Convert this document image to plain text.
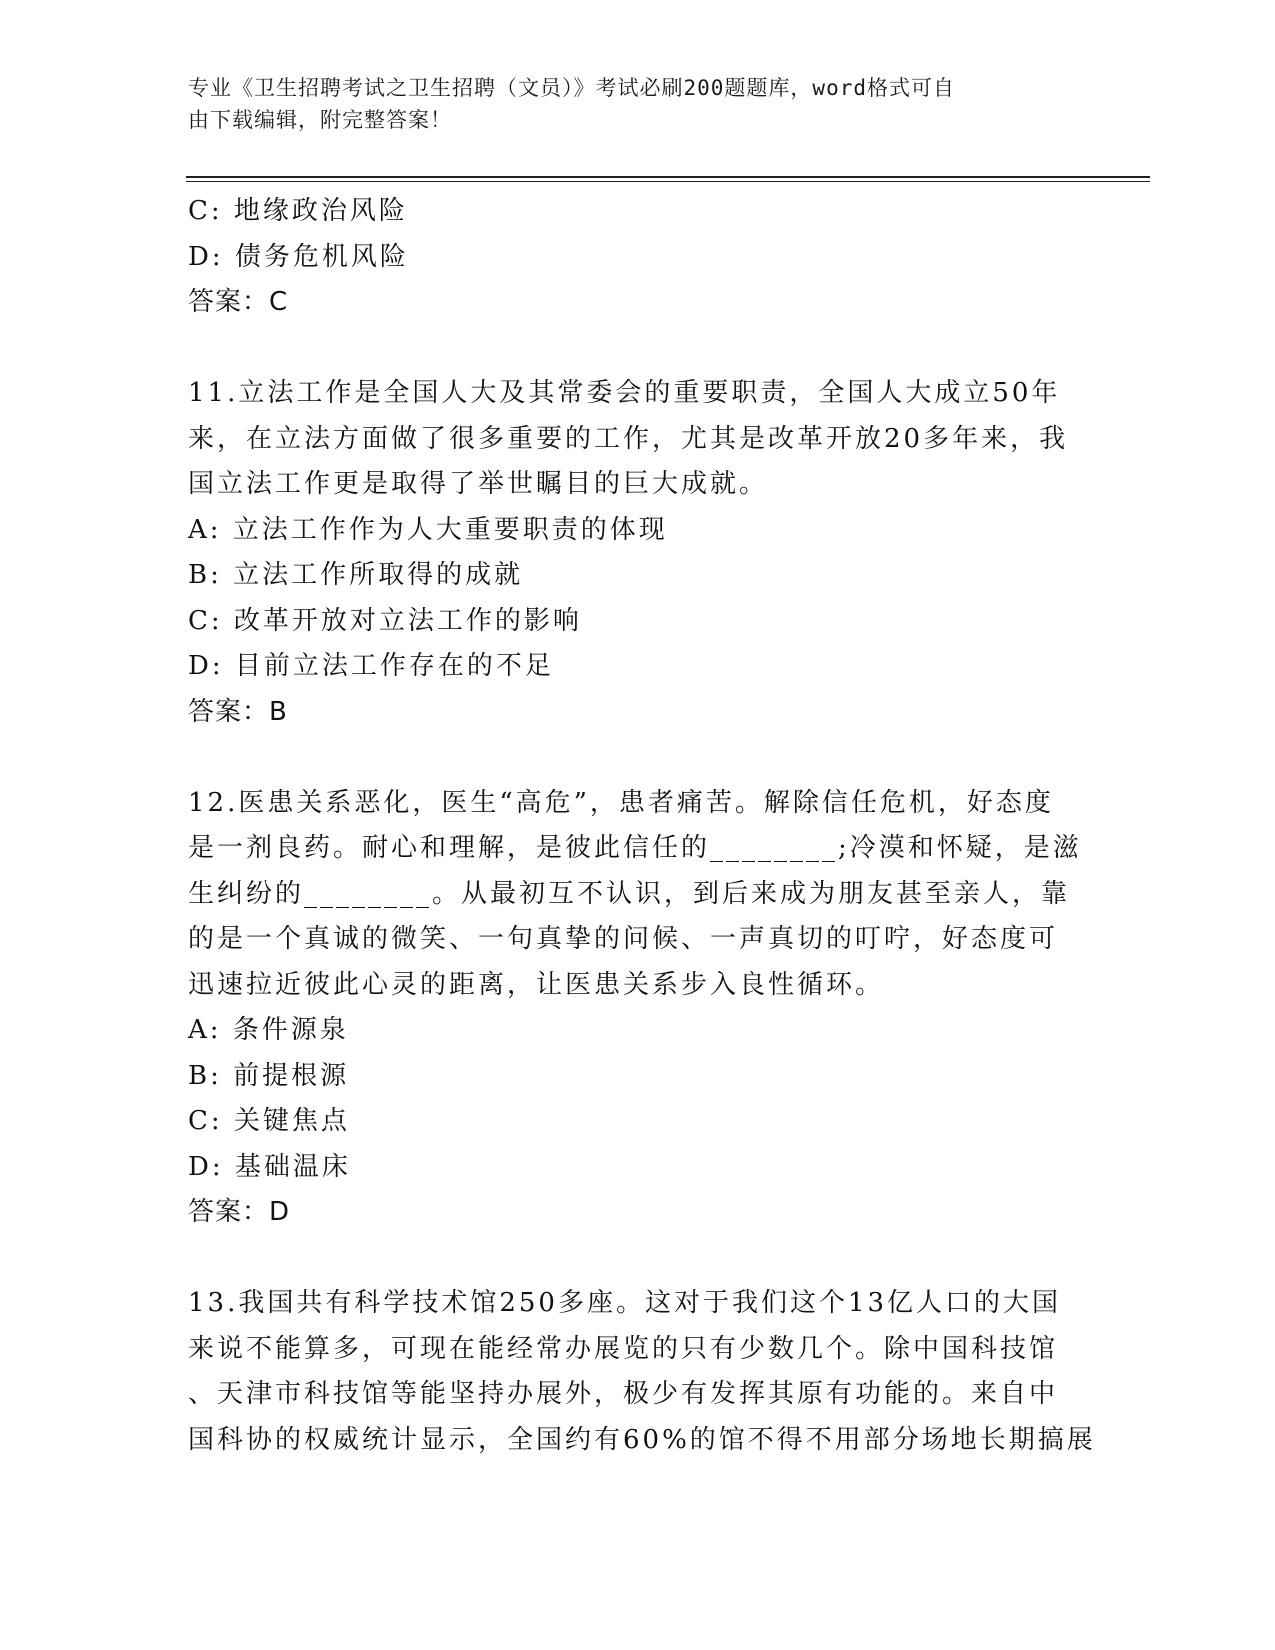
专业《卫生招聘考试之卫生招聘（文员）》考试必刷200题题库，word格式可自
由下载编辑，附完整答案！
C: 地缘政治风险
D: 债务危机风险
答案：C
11.立法工作是全国人大及其常委会的重要职责，全国人大成立50年
来，在立法方面做了很多重要的工作，尤其是改革开放20多年来，我
国立法工作更是取得了举世瞩目的巨大成就。
A: 立法工作作为人大重要职责的体现
B: 立法工作所取得的成就
C: 改革开放对立法工作的影响
D: 目前立法工作存在的不足
答案：B
12.医患关系恶化，医生“高危”，患者痛苦。解除信任危机，好态度
是一剂良药。耐心和理解，是彼此信任的________;冷漠和怀疑，是滋
生纠纷的________。从最初互不认识，到后来成为朋友甚至亲人，靠
的是一个真诚的微笑、一句真挚的问候、一声真切的叮咛，好态度可
迅速拉近彼此心灵的距离，让医患关系步入良性循环。
A: 条件源泉
B: 前提根源
C: 关键焦点
D: 基础温床
答案：D
13.我国共有科学技术馆250多座。这对于我们这个13亿人口的大国
来说不能算多，可现在能经常办展览的只有少数几个。除中国科技馆
、天津市科技馆等能坚持办展外，极少有发挥其原有功能的。来自中
国科协的权威统计显示，全国约有60%的馆不得不用部分场地长期搞展
